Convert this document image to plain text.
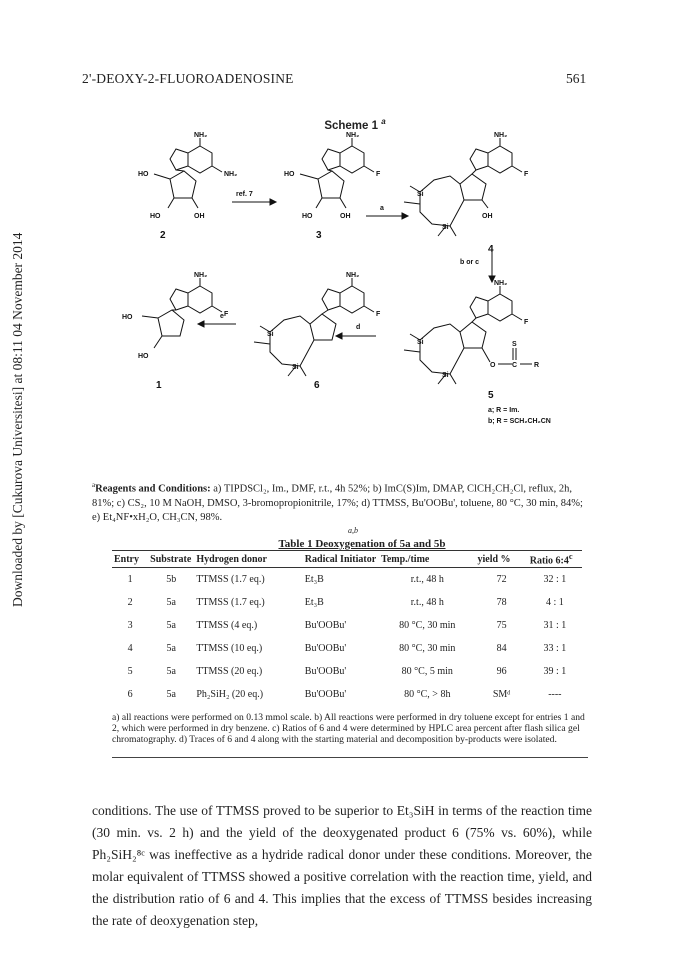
2'-DEOXY-2-FLUOROADENOSINE	561
Downloaded by [Cukurova Universitesi] at 08:11 04 November 2014
Scheme 1 $^a$
NH₂
NH₂
HO
HO	OH
2
ref. 7
NH₂
F
HO
HO	OH
3
a
NH₂
F
Si
Si
OH
4
b or c
NH₂
F
Si
Si
S
O C R
5
a; R = Im.
b; R = SCH₂CH₂CN
d
NH₂
F
Si
Si
6
e
NH₂
F
HO
HO
1
$^a$Reagents and Conditions: a) TIPDSCl₂, Im., DMF, r.t., 4h 52%; b) ImC(S)Im, DMAP, ClCH₂CH₂Cl, reflux, 2h, 81%; c) CS₂, 10 M NaOH, DMSO, 3-bromopropionitrile, 17%; d) TTMSS, Bu'OOBu', toluene, 80 °C, 30 min, 84%; e) Et₄NF•xH₂O, CH₃CN, 98%.
a,b
Table 1 Deoxygenation of 5a and 5b
Entry	Substrate	Hydrogen donor	Radical Initiator	Temp./time	yield %	Ratio 6:4$^c$
1	5b	TTMSS (1.7 eq.)	Et₃B	r.t., 48 h	72	32 : 1
2	5a	TTMSS (1.7 eq.)	Et₃B	r.t., 48 h	78	4 : 1
3	5a	TTMSS (4 eq.)	Bu'OOBu'	80 °C, 30 min	75	31 : 1
4	5a	TTMSS (10 eq.)	Bu'OOBu'	80 °C, 30 min	84	33 : 1
5	5a	TTMSS (20 eq.)	Bu'OOBu'	80 °C, 5 min	96	39 : 1
6	5a	Ph₂SiH₂ (20 eq.)	Bu'OOBu'	80 °C, > 8h	SMᵈ	----
a) all reactions were performed on 0.13 mmol scale. b) All reactions were performed in dry toluene except for entries 1 and 2, which were performed in dry benzene. c) Ratios of 6 and 4 were determined by HPLC area percent after flash silica gel chromatography. d) Traces of 6 and 4 along with the starting material and decomposition by-products were isolated.
conditions. The use of TTMSS proved to be superior to Et₃SiH in terms of the reaction time (30 min. vs. 2 h) and the yield of the deoxygenated product 6 (75% vs. 60%), while Ph₂SiH₂⁸ᶜ was ineffective as a hydride radical donor under these conditions. Moreover, the molar equivalent of TTMSS showed a positive correlation with the reaction time, yield, and the distribution ratio of 6 and 4. This implies that the excess of TTMSS besides increasing the rate of deoxygenation step,
